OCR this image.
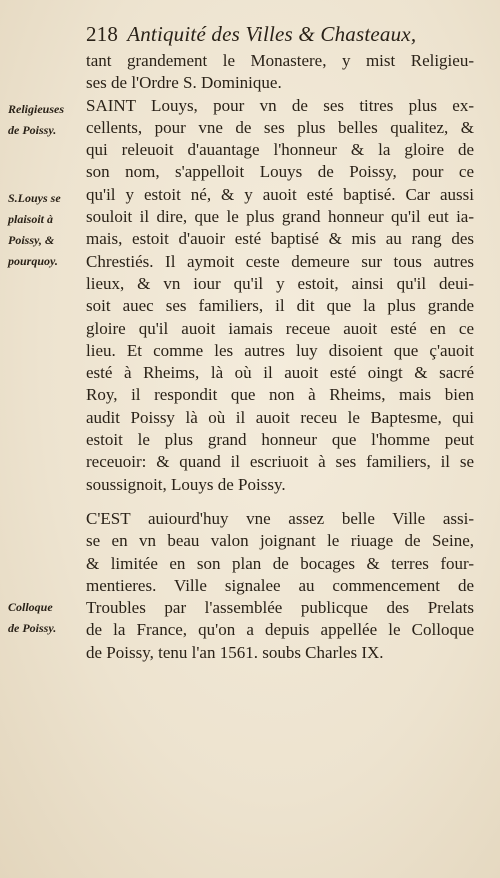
218 Antiquité des Villes & Chasteaux,
Religieuses
de Poissy.
S.Louys se
plaisoit à
Poissy, &
pourquoy.
Colloque
de Poissy.
tant grandement le Monastere, y mist Religieu-
ses de l'Ordre S. Dominique.
SAINT Louys, pour vn de ses titres plus ex-
cellents, pour vne de ses plus belles qualitez, &
qui releuoit d'auantage l'honneur & la gloire de
son nom, s'appelloit Louys de Poissy, pour ce
qu'il y estoit né, & y auoit esté baptisé. Car aussi
souloit il dire, que le plus grand honneur qu'il eut ia-
mais, estoit d'auoir esté baptisé & mis au rang des
Chrestiés. Il aymoit ceste demeure sur tous autres
lieux, & vn iour qu'il y estoit, ainsi qu'il deui-
soit auec ses familiers, il dit que la plus grande
gloire qu'il auoit iamais receue auoit esté en ce
lieu. Et comme les autres luy disoient que ç'auoit
esté à Rheims, là où il auoit esté oingt & sacré
Roy, il respondit que non à Rheims, mais bien
audit Poissy là où il auoit receu le Baptesme, qui
estoit le plus grand honneur que l'homme peut
receuoir: & quand il escriuoit à ses familiers, il se
soussignoit, Louys de Poissy.
C'EST auiourd'huy vne assez belle Ville assi-
se en vn beau valon joignant le riuage de Seine,
& limitée en son plan de bocages & terres four-
mentieres. Ville signalee au commencement de
Troubles par l'assemblée publicque des Prelats
de la France, qu'on a depuis appellée le Colloque
de Poissy, tenu l'an 1561. soubs Charles IX.
